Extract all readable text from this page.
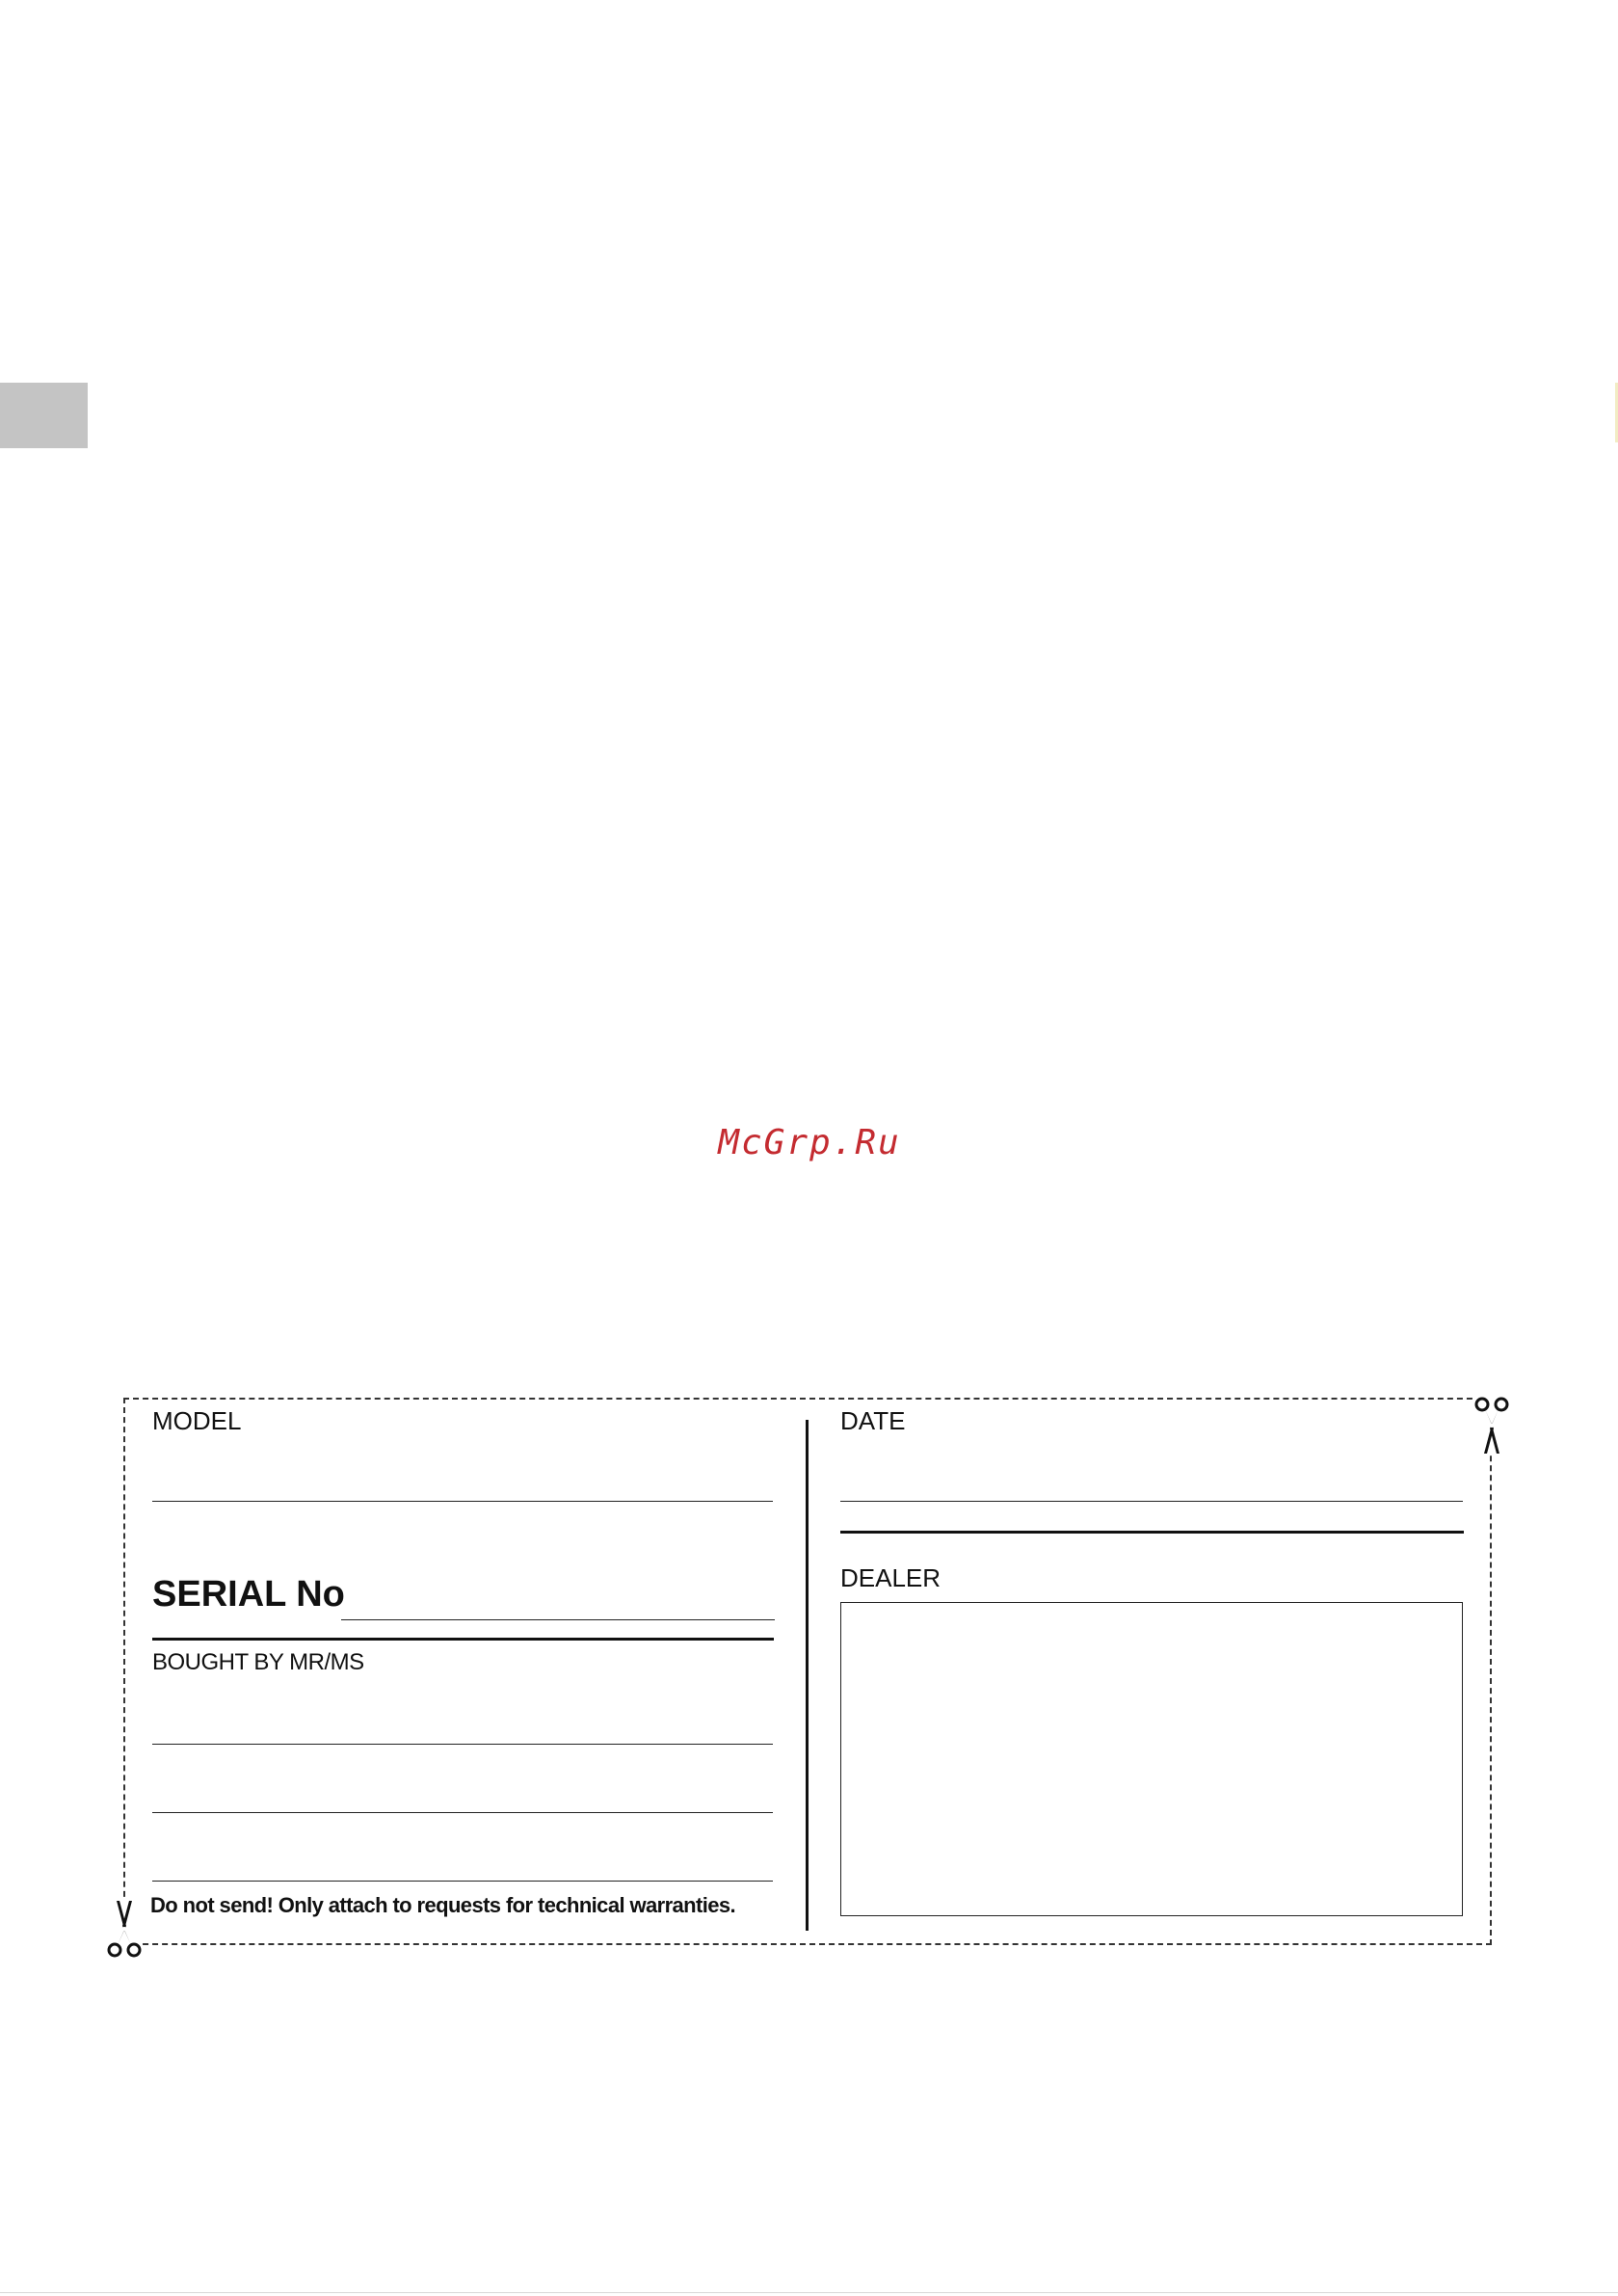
McGrp.Ru
MODEL
SERIAL No
BOUGHT BY MR/MS
Do not send! Only attach to requests for technical warranties.
DATE
DEALER
